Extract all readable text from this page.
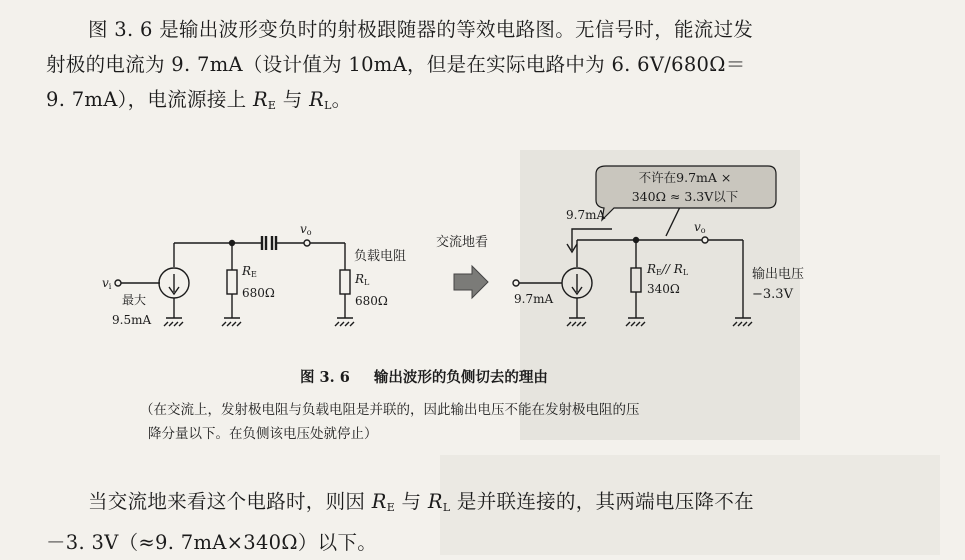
图 3. 6 是输出波形变负时的射极跟随器的等效电路图。无信号时，能流过发
射极的电流为 9. 7mA（设计值为 10mA，但是在实际电路中为 6. 6V/680Ω＝
9. 7mA），电流源接上 $R_E$ 与 $R_L$。
$v_i$
最大
9.5mA
$R_E$
680Ω
$v_o$
负载电阻
$R_L$
680Ω
交流地看
不许在9.7mA ×
340Ω ≈ 3.3V以下
9.7mA
9.7mA
$R_E//$ $R_L$
340Ω
$v_o$
输出电压
−3.3V
图 3. 6 输出波形的负侧切去的理由
（在交流上，发射极电阻与负载电阻是并联的，因此输出电压不能在发射极电阻的压
降分量以下。在负侧该电压处就停止）
当交流地来看这个电路时，则因 $R_E$ 与 $R_L$ 是并联连接的，其两端电压降不在
－3. 3V（≈9. 7mA×340Ω）以下。
